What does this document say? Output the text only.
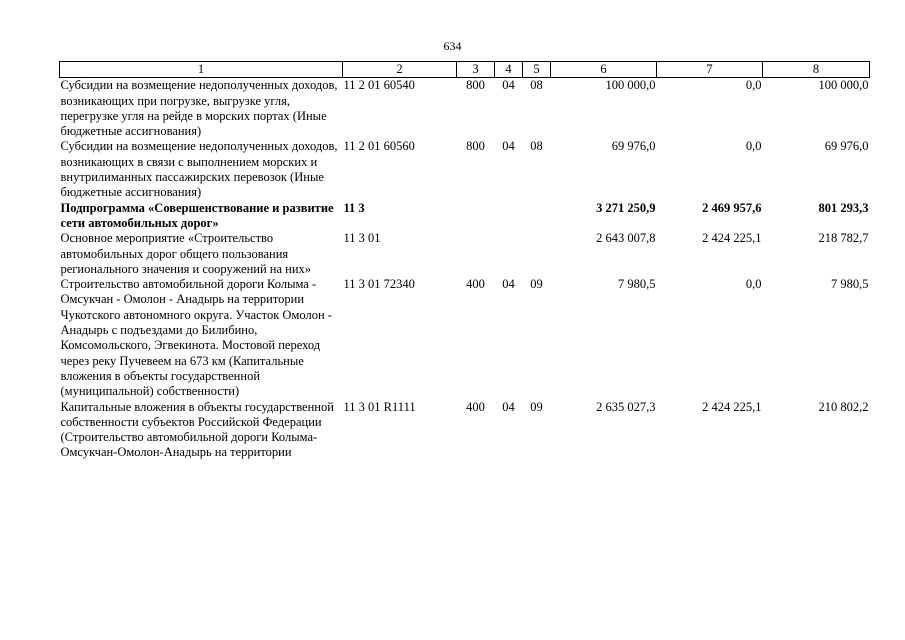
634
1	2	3	4	5	6	7	8
Субсидии на возмещение недополученных доходов, возникающих при погрузке, выгрузке угля, перегрузке угля на рейде в морских портах (Иные бюджетные ассигнования)	11 2 01 60540	800	04	08	100 000,0	0,0	100 000,0
Субсидии на возмещение недополученных доходов, возникающих в связи с выполнением морских и внутрилиманных пассажирских перевозок (Иные бюджетные ассигнования)	11 2 01 60560	800	04	08	69 976,0	0,0	69 976,0
Подпрограмма «Совершенствование и развитие сети автомобильных дорог»	11 3				3 271 250,9	2 469 957,6	801 293,3
Основное мероприятие «Строительство автомобильных дорог общего пользования регионального значения и сооружений на них»	11 3 01				2 643 007,8	2 424 225,1	218 782,7
Строительство автомобильной дороги Колыма - Омсукчан - Омолон - Анадырь на территории Чукотского автономного округа. Участок Омолон - Анадырь с подъездами до Билибино, Комсомольского, Эгвекинота. Мостовой переход через реку Пучевеем на 673 км (Капитальные вложения в объекты государственной (муниципальной) собственности)	11 3 01 72340	400	04	09	7 980,5	0,0	7 980,5
Капитальные вложения в объекты государственной собственности субъектов Российской Федерации (Строительство автомобильной дороги Колыма-Омсукчан-Омолон-Анадырь на территории	11 3 01 R1111	400	04	09	2 635 027,3	2 424 225,1	210 802,2
